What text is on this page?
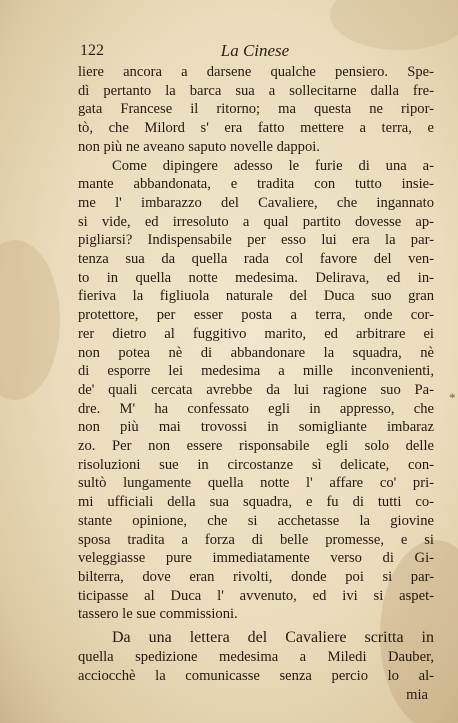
122	La Cinese
liere ancora a darsene qualche pensiero. Spe-
dì pertanto la barca sua a sollecitarne dalla fre-
gata Francese il ritorno; ma questa ne ripor-
tò, che Milord s' era fatto mettere a terra, e
non più ne aveano saputo novelle dappoi.
Come dipingere adesso le furie di una a-
mante abbandonata, e tradita con tutto insie-
me l' imbarazzo del Cavaliere, che ingannato
si vide, ed irresoluto a qual partito dovesse ap-
pigliarsi? Indispensabile per esso lui era la par-
tenza sua da quella rada col favore del ven-
to in quella notte medesima. Delirava, ed in-
fieriva la figliuola naturale del Duca suo gran
protettore, per esser posta a terra, onde cor-
rer dietro al fuggitivo marito, ed arbitrare ei
non potea nè di abbandonare la squadra, nè
di esporre lei medesima a mille inconvenienti,
de' quali cercata avrebbe da lui ragione suo Pa-
dre. M' ha confessato egli in appresso, che
non più mai trovossi in somigliante imbaraz
zo. Per non essere risponsabile egli solo delle
risoluzioni sue in circostanze sì delicate, con-
sultò lungamente quella notte l' affare co' pri-
mi ufficiali della sua squadra, e fu di tutti co-
stante opinione, che si acchetasse la giovine
sposa tradita a forza di belle promesse, e si
veleggiasse pure immediatamente verso di Gi-
bilterra, dove eran rivolti, donde poi si par-
ticipasse al Duca l' avvenuto, ed ivi si aspet-
tassero le sue commissioni.
Da una lettera del Cavaliere scritta in
quella spedizione medesima a Miledi Dauber,
acciocchè la comunicasse senza percio lo al-
mia
*
